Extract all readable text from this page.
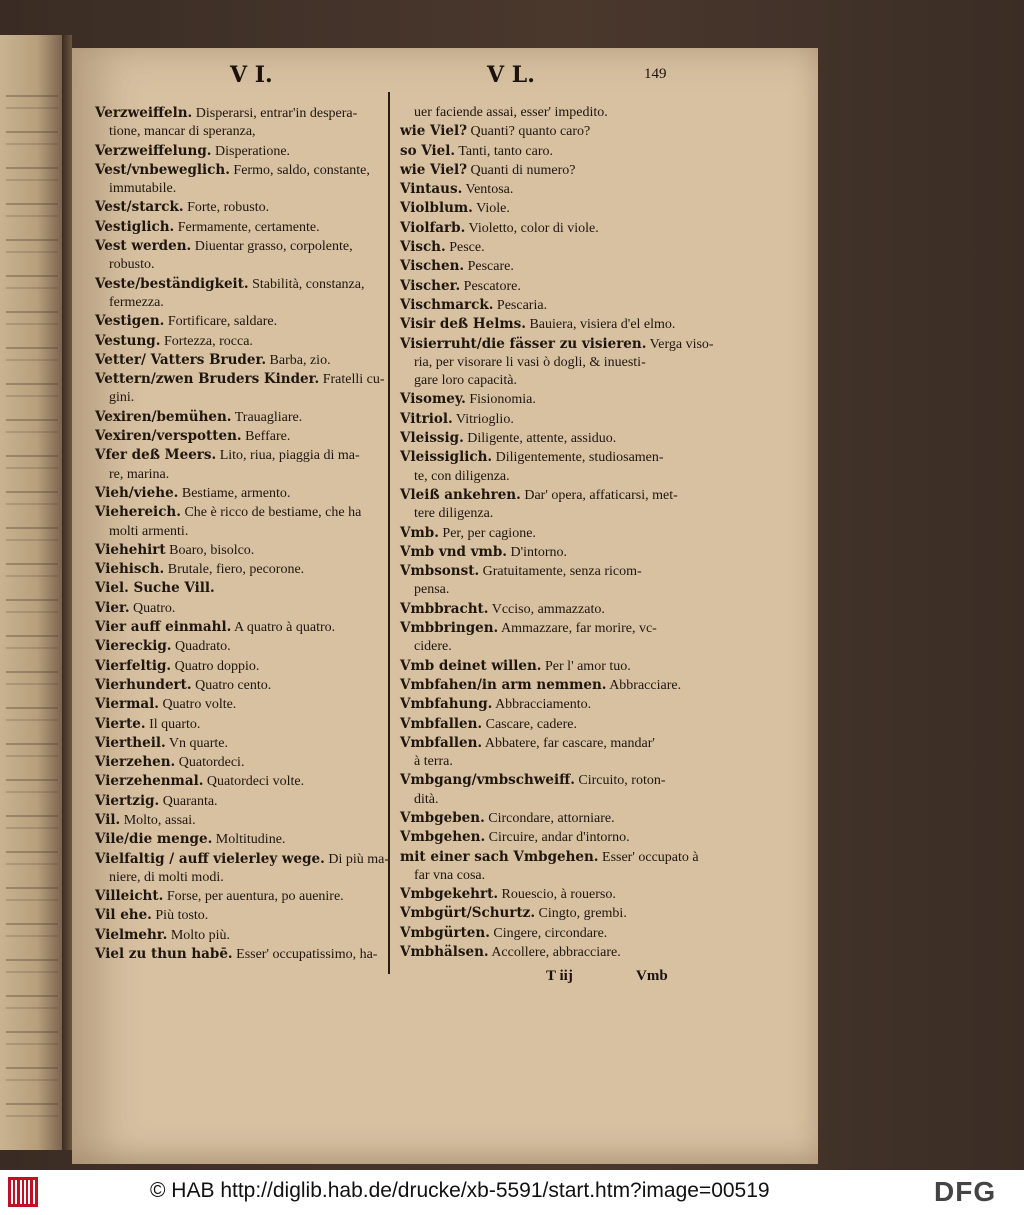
V I.	V L.	149
Verzweiffeln. Disperarsi, entrar'in despera-
tione, mancar di speranza,
Verzweiffelung. Disperatione.
Vest/vnbeweglich. Fermo, saldo, constante,
immutabile.
Vest/starck. Forte, robusto.
Vestiglich. Fermamente, certamente.
Vest werden. Diuentar grasso, corpolente,
robusto.
Veste/beständigkeit. Stabilità, constanza,
fermezza.
Vestigen. Fortificare, saldare.
Vestung. Fortezza, rocca.
Vetter/ Vatters Bruder. Barba, zio.
Vettern/zwen Bruders Kinder. Fratelli cu-
gini.
Vexiren/bemühen. Trauagliare.
Vexiren/verspotten. Beffare.
Vfer deß Meers. Lito, riua, piaggia di ma-
re, marina.
Vieh/viehe. Bestiame, armento.
Viehereich. Che è ricco de bestiame, che ha
molti armenti.
Viehehirt Boaro, bisolco.
Viehisch. Brutale, fiero, pecorone.
Viel. Suche Vill.
Vier. Quatro.
Vier auff einmahl. A quatro à quatro.
Viereckig. Quadrato.
Vierfeltig. Quatro doppio.
Vierhundert. Quatro cento.
Viermal. Quatro volte.
Vierte. Il quarto.
Viertheil. Vn quarte.
Vierzehen. Quatordeci.
Vierzehenmal. Quatordeci volte.
Viertzig. Quaranta.
Vil. Molto, assai.
Vile/die menge. Moltitudine.
Vielfaltig / auff vielerley wege. Di più ma-
niere, di molti modi.
Villeicht. Forse, per auentura, po auenire.
Vil ehe. Più tosto.
Vielmehr. Molto più.
Viel zu thun habē. Esser' occupatissimo, ha-
uer faciende assai, esser' impedito.
wie Viel? Quanti? quanto caro?
so Viel. Tanti, tanto caro.
wie Viel? Quanti di numero?
Vintaus. Ventosa.
Violblum. Viole.
Violfarb. Violetto, color di viole.
Visch. Pesce.
Vischen. Pescare.
Vischer. Pescatore.
Vischmarck. Pescaria.
Visir deß Helms. Bauiera, visiera d'el elmo.
Visierruht/die fässer zu visieren. Verga viso-
ria, per visorare li vasi ò dogli, & inuesti-
gare loro capacità.
Visomey. Fisionomia.
Vitriol. Vitrioglio.
Vleissig. Diligente, attente, assiduo.
Vleissiglich. Diligentemente, studiosamen-
te, con diligenza.
Vleiß ankehren. Dar' opera, affaticarsi, met-
tere diligenza.
Vmb. Per, per cagione.
Vmb vnd vmb. D'intorno.
Vmbsonst. Gratuitamente, senza ricom-
pensa.
Vmbbracht. Vcciso, ammazzato.
Vmbbringen. Ammazzare, far morire, vc-
cidere.
Vmb deinet willen. Per l' amor tuo.
Vmbfahen/in arm nemmen. Abbracciare.
Vmbfahung. Abbracciamento.
Vmbfallen. Cascare, cadere.
Vmbfallen. Abbatere, far cascare, mandar'
à terra.
Vmbgang/vmbschweiff. Circuito, roton-
dità.
Vmbgeben. Circondare, attorniare.
Vmbgehen. Circuire, andar d'intorno.
mit einer sach Vmbgehen. Esser' occupato à
far vna cosa.
Vmbgekehrt. Rouescio, à rouerso.
Vmbgürt/Schurtz. Cingto, grembi.
Vmbgürten. Cingere, circondare.
Vmbhälsen. Accollere, abbracciare.
T iij	Vmb
© HAB http://diglib.hab.de/drucke/xb-5591/start.htm?image=00519	DFG
